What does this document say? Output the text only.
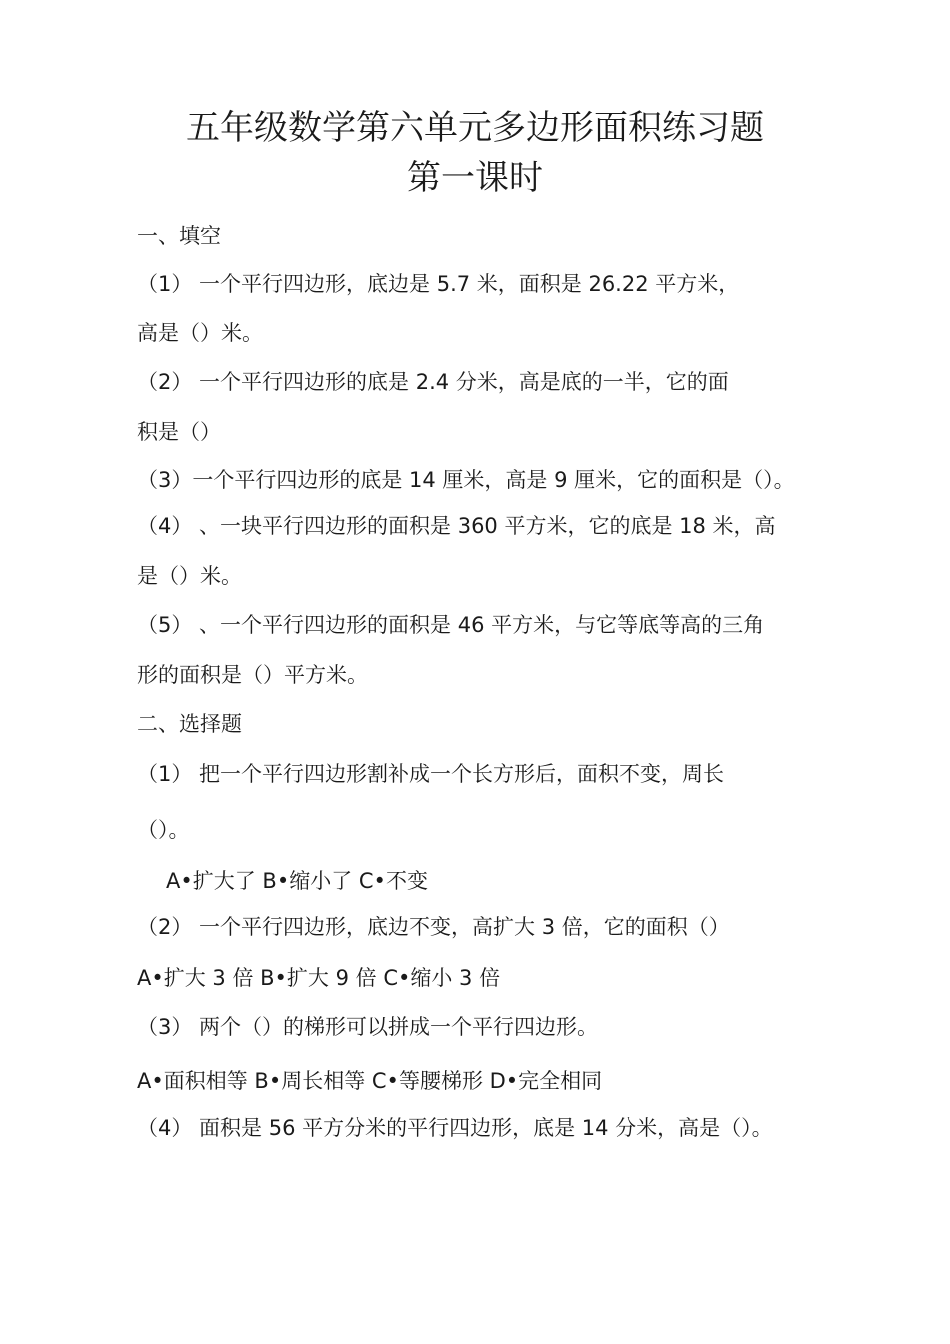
五年级数学第六单元多边形面积练习题
第一课时
一、填空
（1） 一个平行四边形，底边是 5.7 米，面积是 26.22 平方米，
高是（）米。
（2） 一个平行四边形的底是 2.4 分米，高是底的一半，它的面
积是（）
（3）一个平行四边形的底是 14 厘米，高是 9 厘米，它的面积是（）。
（4） 、一块平行四边形的面积是 360 平方米，它的底是 18 米，高
是（）米。
（5） 、一个平行四边形的面积是 46 平方米，与它等底等高的三角
形的面积是（）平方米。
二、选择题
（1） 把一个平行四边形割补成一个长方形后，面积不变，周长
（）。
A•扩大了 B•缩小了 C•不变
（2） 一个平行四边形，底边不变，高扩大 3 倍，它的面积（）
A•扩大 3 倍 B•扩大 9 倍 C•缩小 3 倍
（3） 两个（）的梯形可以拼成一个平行四边形。
A•面积相等 B•周长相等 C•等腰梯形 D•完全相同
（4） 面积是 56 平方分米的平行四边形，底是 14 分米，高是（）。
